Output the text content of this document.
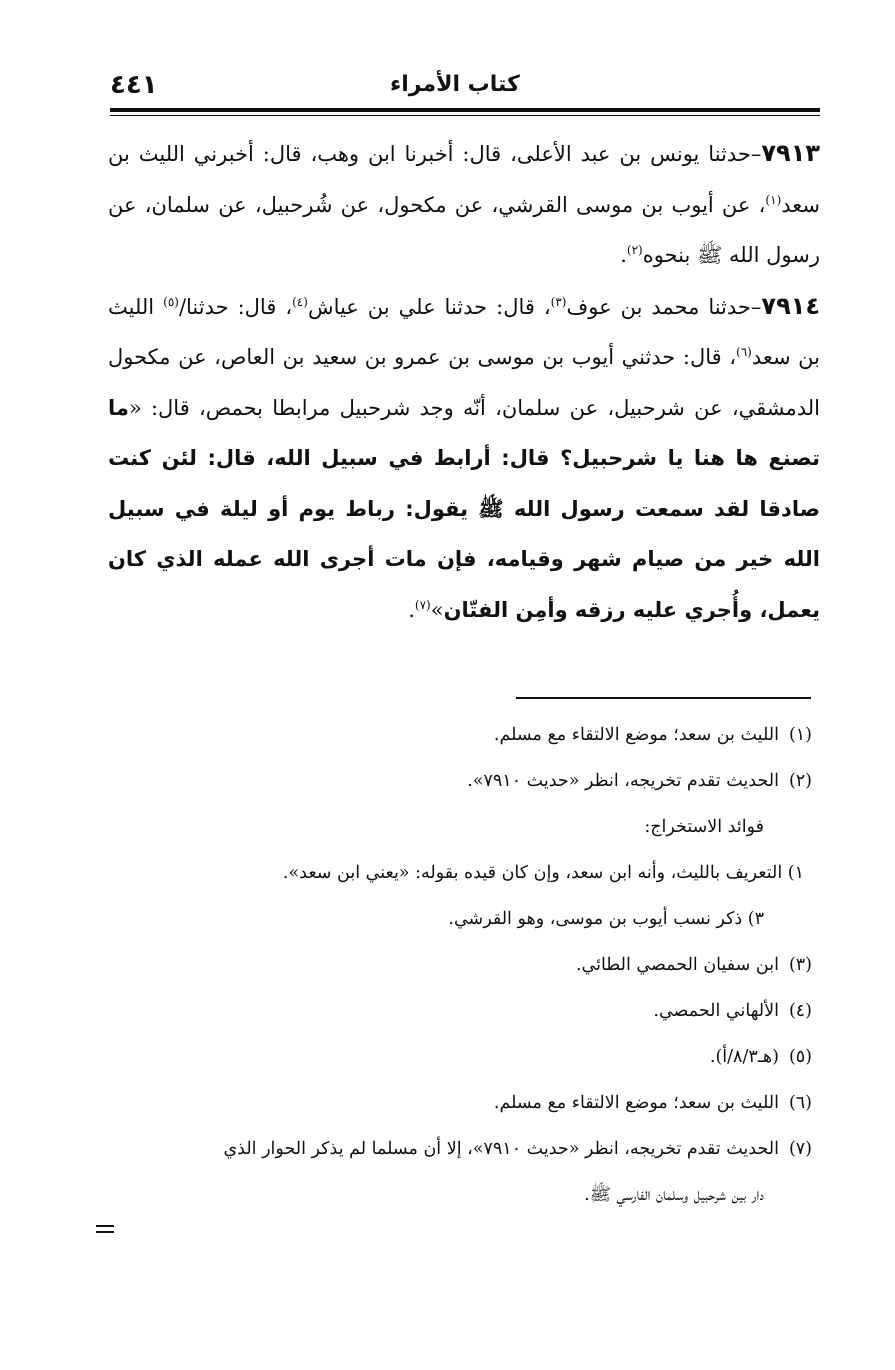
٤٤١	كتاب الأمراء

٧٩١٣–حدثنا يونس بن عبد الأعلى، قال: أخبرنا ابن وهب، قال: أخبرني الليث بن سعد$^{(١)}$، عن أيوب بن موسى القرشي، عن مكحول، عن شُرحبيل، عن سلمان، عن رسول الله ﷺ بنحوه$^{(٢)}$.

٧٩١٤–حدثنا محمد بن عوف$^{(٣)}$، قال: حدثنا علي بن عياش$^{(٤)}$، قال: حدثنا/$^{(٥)}$ الليث بن سعد$^{(٦)}$، قال: حدثني أيوب بن موسى بن عمرو بن سعيد بن العاص، عن مكحول الدمشقي، عن شرحبيل، عن سلمان، أنّه وجد شرحبيل مرابطا بحمص، قال: «ما تصنع ها هنا يا شرحبيل؟ قال: أرابط في سبيل الله، قال: لئن كنت صادقا لقد سمعت رسول الله ﷺ يقول: رباط يوم أو ليلة في سبيل الله خير من صيام شهر وقيامه، فإن مات أجرى الله عمله الذي كان يعمل، وأُجري عليه رزقه وأمِن الفتّان»$^{(٧)}$.

(١)الليث بن سعد؛ موضع الالتقاء مع مسلم.

(٢)الحديث تقدم تخريجه، انظر «حديث ٧٩١٠».

فوائد الاستخراج:

١) التعريف بالليث، وأنه ابن سعد، وإن كان قيده بقوله: «يعني ابن سعد».

٣) ذكر نسب أيوب بن موسى، وهو القرشي.

(٣)ابن سفيان الحمصي الطائي.

(٤)الألهاني الحمصي.

(٥)(هـ٨/٣/أ).

(٦)الليث بن سعد؛ موضع الالتقاء مع مسلم.

(٧)الحديث تقدم تخريجه، انظر «حديث ٧٩١٠»، إلا أن مسلما لم يذكر الحوار الذي

دار بين شرحبيل وسلمان الفارسي ﷺ.
